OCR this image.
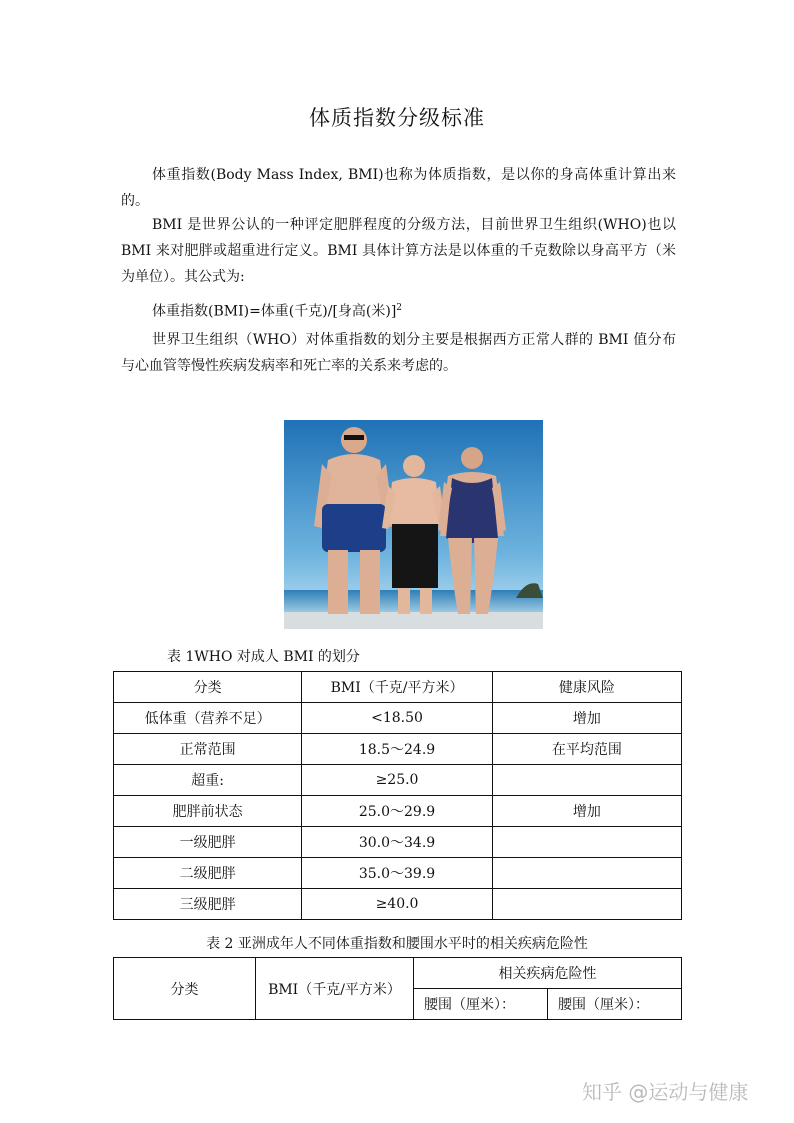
体质指数分级标准

体重指数(Body Mass Index, BMI)也称为体质指数，是以你的身高体重计算出来的。

BMI 是世界公认的一种评定肥胖程度的分级方法，目前世界卫生组织(WHO)也以 BMI 来对肥胖或超重进行定义。BMI 具体计算方法是以体重的千克数除以身高平方（米为单位）。其公式为:

体重指数(BMI)=体重(千克)/[身高(米)]$^2$

世界卫生组织（WHO）对体重指数的划分主要是根据西方正常人群的 BMI 值分布与心血管等慢性疾病发病率和死亡率的关系来考虑的。

表 1WHO 对成人 BMI 的划分
分类	BMI（千克/平方米）	健康风险
低体重（营养不足）	<18.50	增加
正常范围	18.5～24.9	在平均范围
超重:	≥25.0	
肥胖前状态	25.0～29.9	增加
一级肥胖	30.0～34.9	
二级肥胖	35.0～39.9	
三级肥胖	≥40.0	
表 2 亚洲成年人不同体重指数和腰围水平时的相关疾病危险性
分类	BMI（千克/平方米）	相关疾病危险性	
		腰围（厘米）：	腰围（厘米）：
知乎 @运动与健康
